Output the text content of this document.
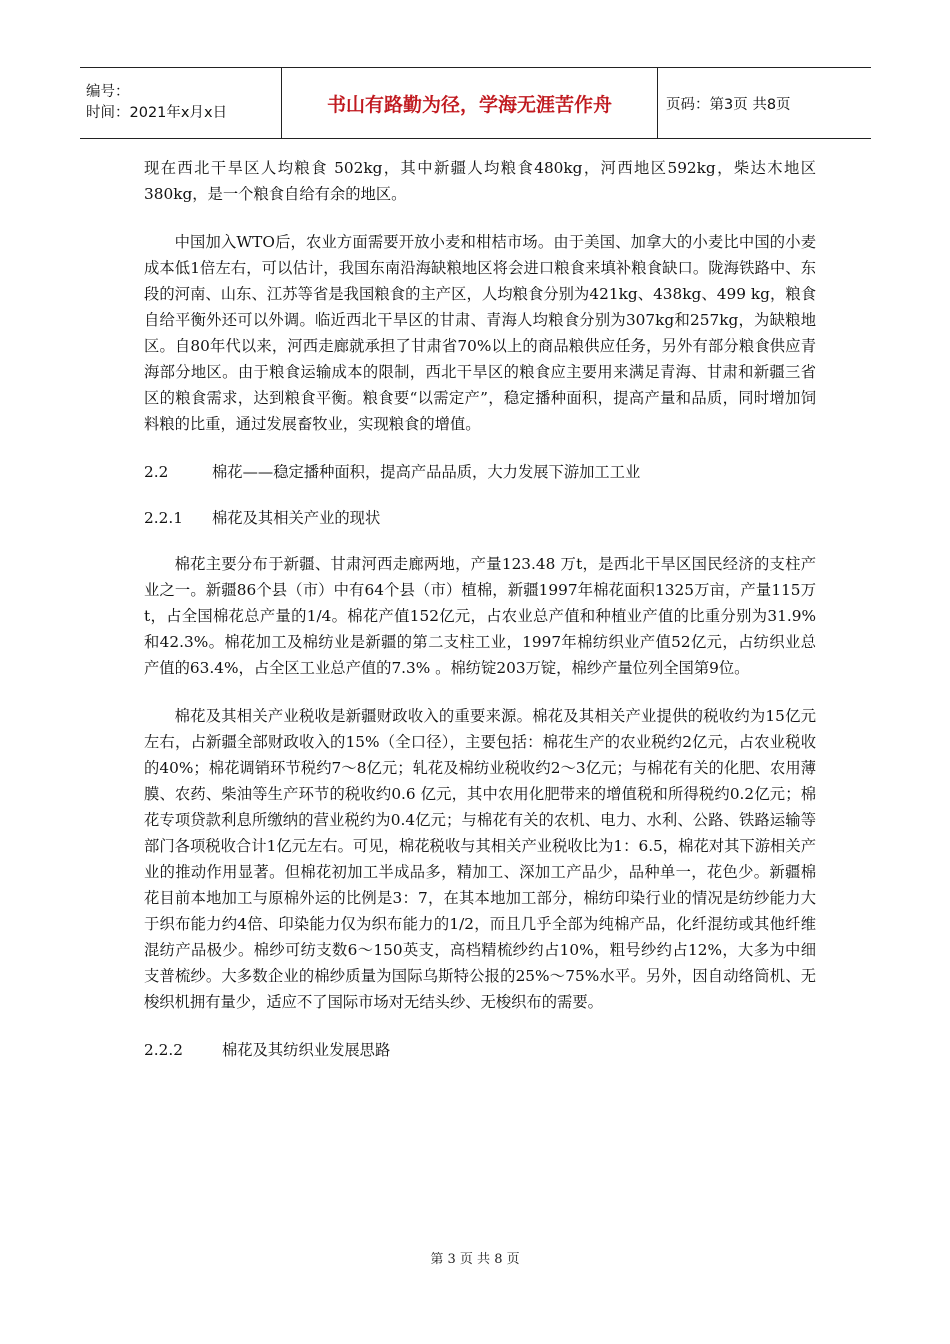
编号：
时间：2021年x月x日	书山有路勤为径，学海无涯苦作舟	页码：第3页 共8页

现在西北干旱区人均粮食 502kg，其中新疆人均粮食480kg，河西地区592kg，柴达木地区380kg，是一个粮食自给有余的地区。

中国加入WTO后，农业方面需要开放小麦和柑桔市场。由于美国、加拿大的小麦比中国的小麦成本低1倍左右，可以估计，我国东南沿海缺粮地区将会进口粮食来填补粮食缺口。陇海铁路中、东段的河南、山东、江苏等省是我国粮食的主产区，人均粮食分别为421kg、438kg、499 kg，粮食自给平衡外还可以外调。临近西北干旱区的甘肃、青海人均粮食分别为307kg和257kg，为缺粮地区。自80年代以来，河西走廊就承担了甘肃省70%以上的商品粮供应任务，另外有部分粮食供应青海部分地区。由于粮食运输成本的限制，西北干旱区的粮食应主要用来满足青海、甘肃和新疆三省区的粮食需求，达到粮食平衡。粮食要“以需定产”，稳定播种面积，提高产量和品质，同时增加饲料粮的比重，通过发展畜牧业，实现粮食的增值。

2.2	棉花——稳定播种面积，提高产品品质，大力发展下游加工工业

2.2.1 棉花及其相关产业的现状

棉花主要分布于新疆、甘肃河西走廊两地，产量123.48 万t，是西北干旱区国民经济的支柱产业之一。新疆86个县（市）中有64个县（市）植棉，新疆1997年棉花面积1325万亩，产量115万t，占全国棉花总产量的1/4。棉花产值152亿元，占农业总产值和种植业产值的比重分别为31.9%和42.3%。棉花加工及棉纺业是新疆的第二支柱工业，1997年棉纺织业产值52亿元，占纺织业总产值的63.4%，占全区工业总产值的7.3% 。棉纺锭203万锭，棉纱产量位列全国第9位。

棉花及其相关产业税收是新疆财政收入的重要来源。棉花及其相关产业提供的税收约为15亿元左右，占新疆全部财政收入的15%（全口径），主要包括：棉花生产的农业税约2亿元，占农业税收的40%；棉花调销环节税约7～8亿元；轧花及棉纺业税收约2～3亿元；与棉花有关的化肥、农用薄膜、农药、柴油等生产环节的税收约0.6 亿元，其中农用化肥带来的增值税和所得税约0.2亿元；棉花专项贷款利息所缴纳的营业税约为0.4亿元；与棉花有关的农机、电力、水利、公路、铁路运输等部门各项税收合计1亿元左右。可见，棉花税收与其相关产业税收比为1：6.5，棉花对其下游相关产业的推动作用显著。但棉花初加工半成品多，精加工、深加工产品少，品种单一，花色少。新疆棉花目前本地加工与原棉外运的比例是3：7，在其本地加工部分，棉纺印染行业的情况是纺纱能力大于织布能力约4倍、印染能力仅为织布能力的1/2，而且几乎全部为纯棉产品，化纤混纺或其他纤维混纺产品极少。棉纱可纺支数6～150英支，高档精梳纱约占10%，粗号纱约占12%，大多为中细支普梳纱。大多数企业的棉纱质量为国际乌斯特公报的25%～75%水平。另外，因自动络筒机、无梭织机拥有量少，适应不了国际市场对无结头纱、无梭织布的需要。

2.2.2	棉花及其纺织业发展思路

第 3 页 共 8 页
